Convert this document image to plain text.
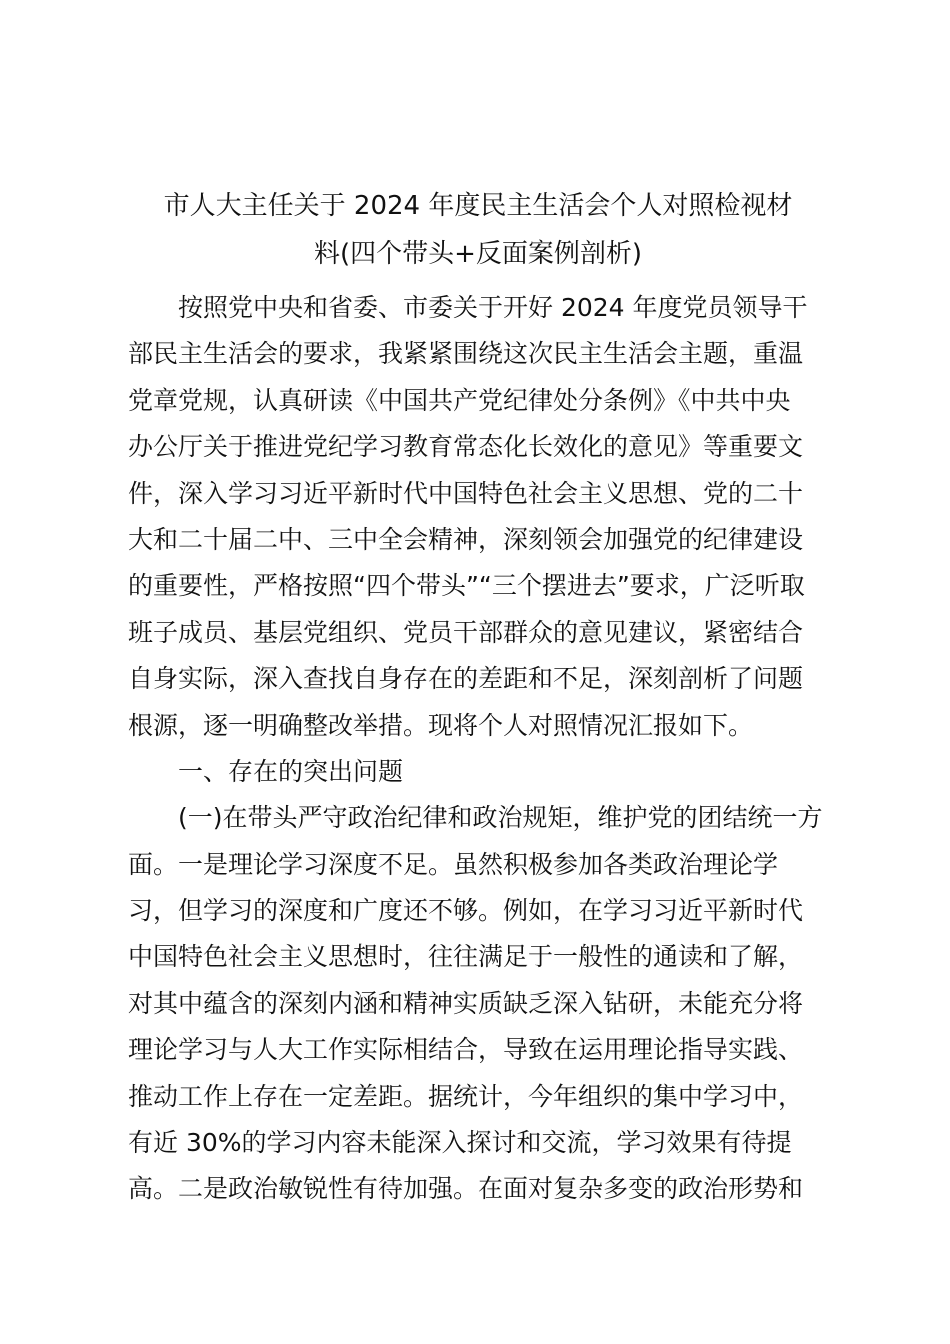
市人大主任关于 2024 年度民主生活会个人对照检视材
料(四个带头+反面案例剖析)
按照党中央和省委、市委关于开好 2024 年度党员领导干
部民主生活会的要求，我紧紧围绕这次民主生活会主题，重温
党章党规，认真研读《中国共产党纪律处分条例》《中共中央
办公厅关于推进党纪学习教育常态化长效化的意见》等重要文
件，深入学习习近平新时代中国特色社会主义思想、党的二十
大和二十届二中、三中全会精神，深刻领会加强党的纪律建设
的重要性，严格按照“四个带头”“三个摆进去”要求，广泛听取
班子成员、基层党组织、党员干部群众的意见建议，紧密结合
自身实际，深入查找自身存在的差距和不足，深刻剖析了问题
根源，逐一明确整改举措。现将个人对照情况汇报如下。
一、存在的突出问题
(一)在带头严守政治纪律和政治规矩，维护党的团结统一方
面。一是理论学习深度不足。虽然积极参加各类政治理论学
习，但学习的深度和广度还不够。例如，在学习习近平新时代
中国特色社会主义思想时，往往满足于一般性的通读和了解，
对其中蕴含的深刻内涵和精神实质缺乏深入钻研，未能充分将
理论学习与人大工作实际相结合，导致在运用理论指导实践、
推动工作上存在一定差距。据统计，今年组织的集中学习中，
有近 30%的学习内容未能深入探讨和交流，学习效果有待提
高。二是政治敏锐性有待加强。在面对复杂多变的政治形势和
